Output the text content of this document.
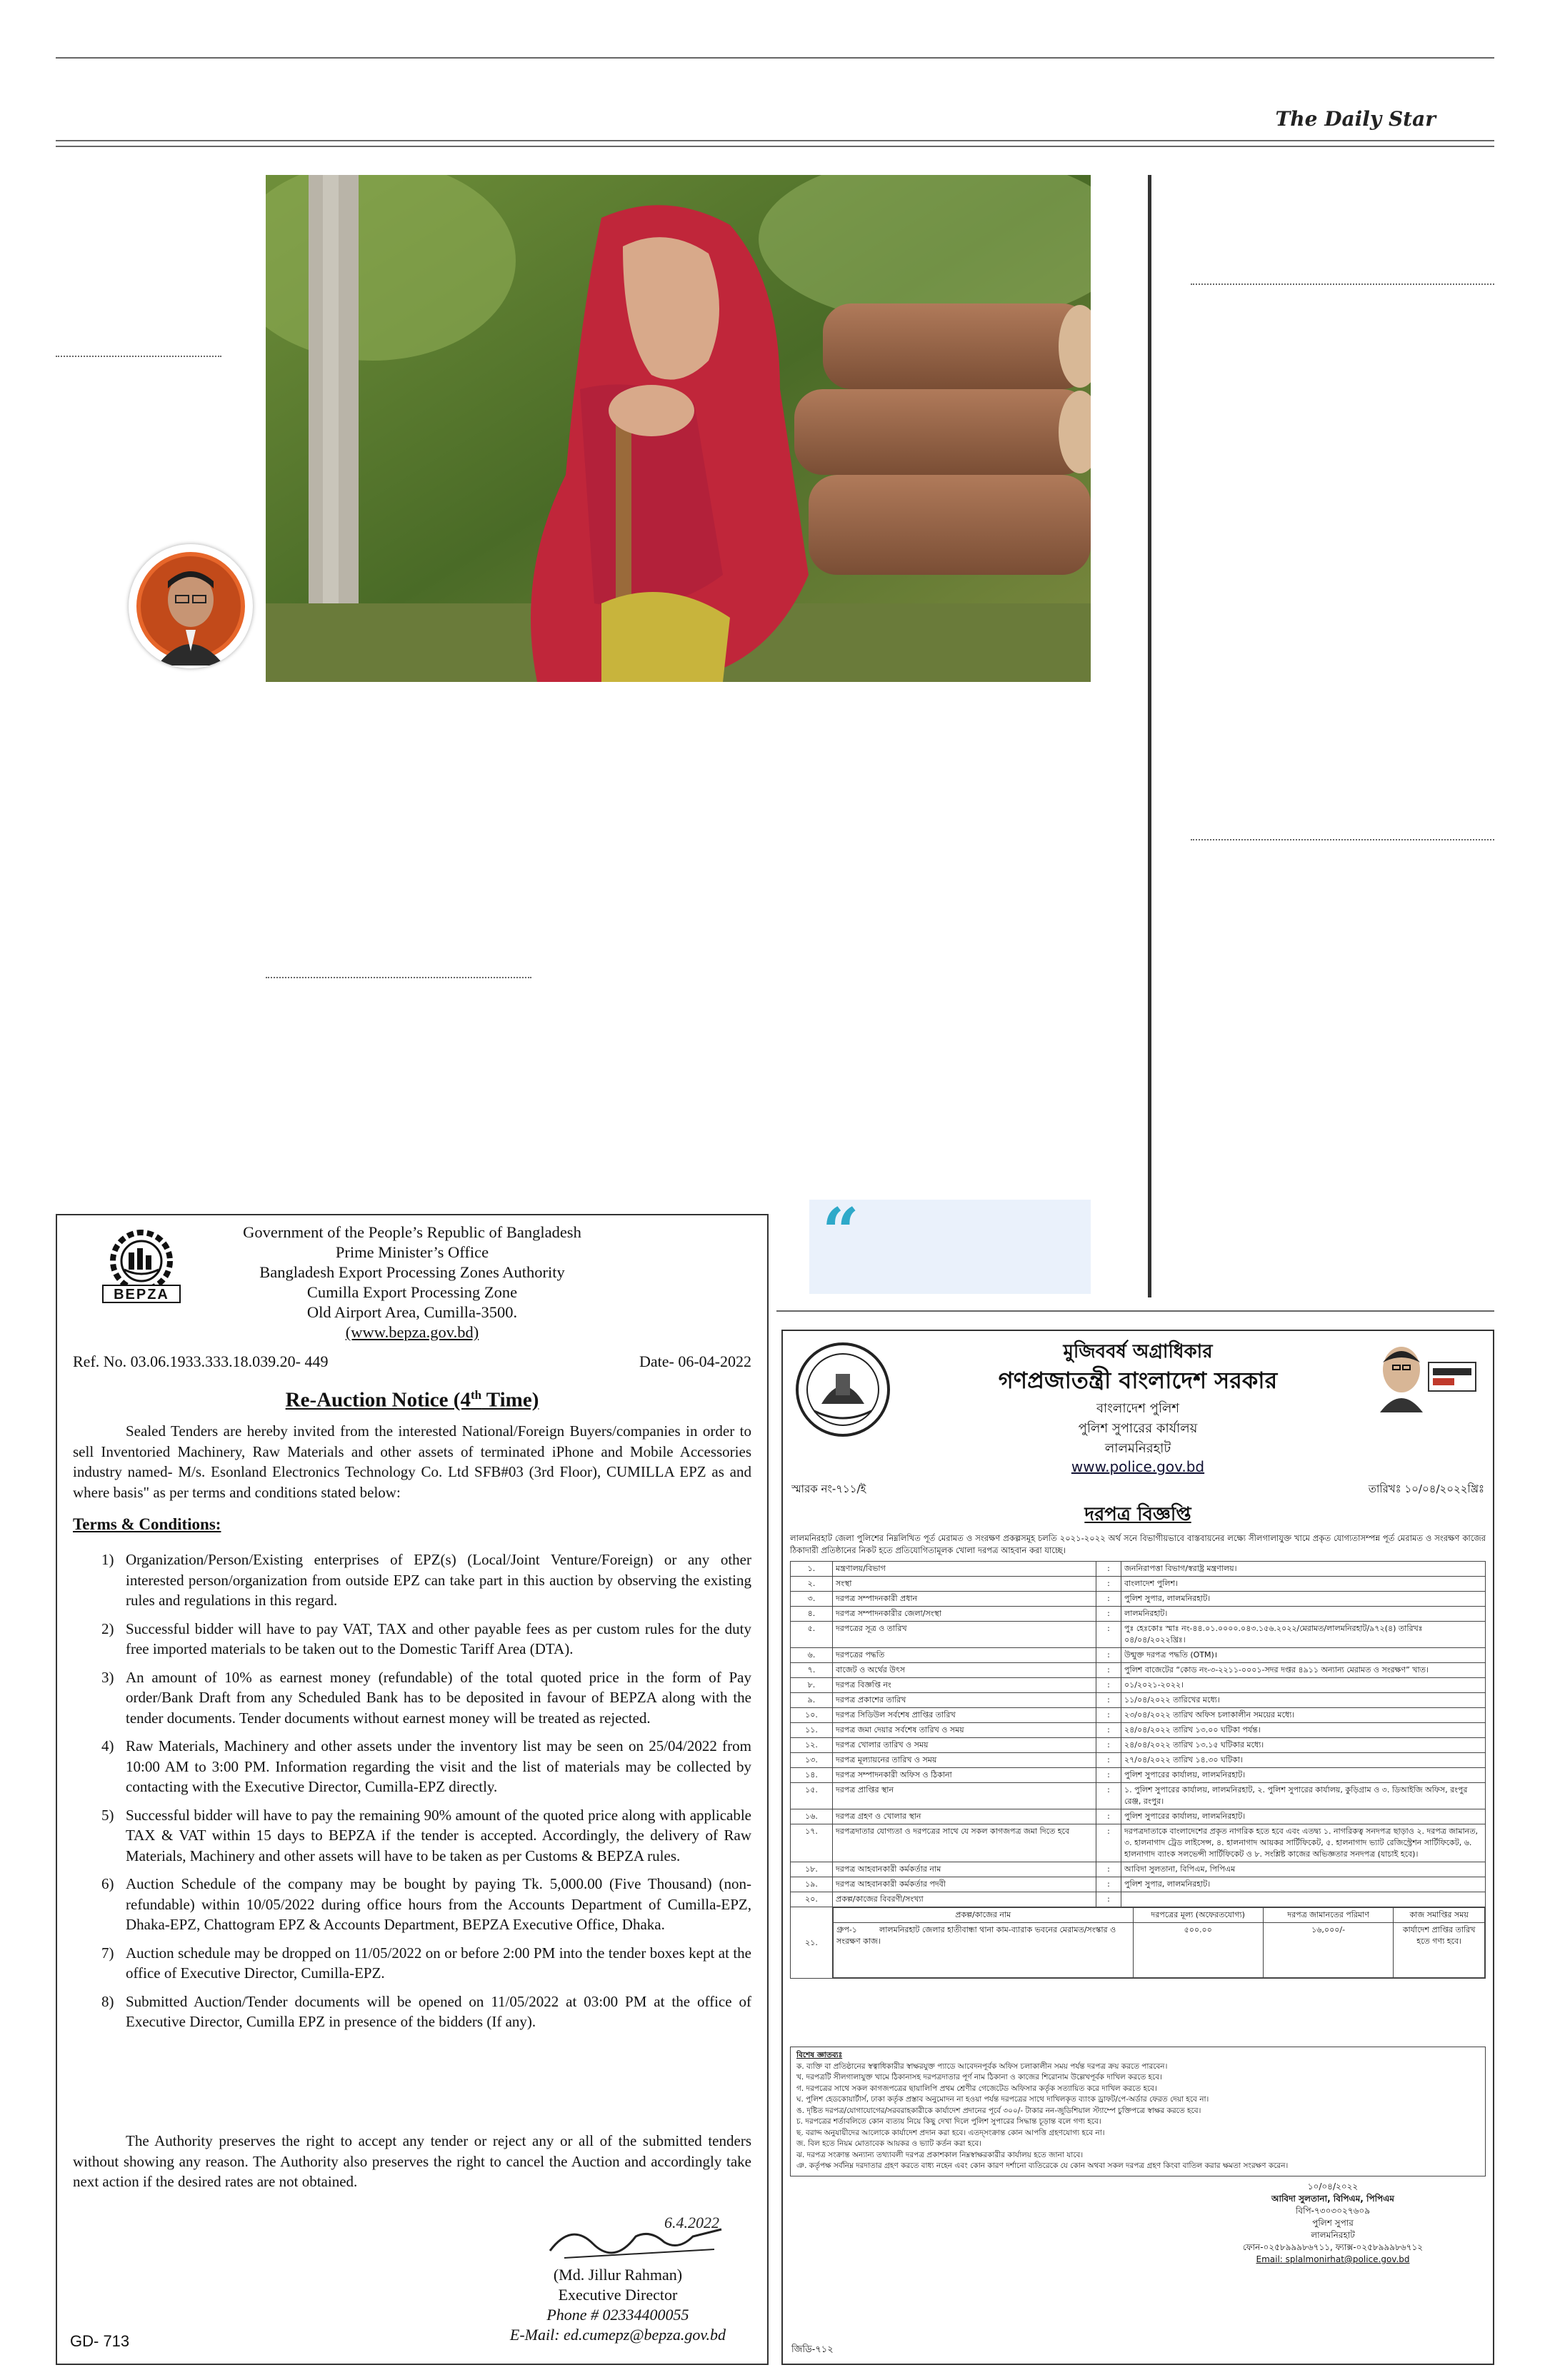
The Daily Star
“
BEPZA
Government of the People’s Republic of Bangladesh
Prime Minister’s Office
Bangladesh Export Processing Zones Authority
Cumilla Export Processing Zone
Old Airport Area, Cumilla-3500.
(www.bepza.gov.bd)
Ref. No. 03.06.1933.333.18.039.20- 449	Date- 06-04-2022
Re-Auction Notice (4th Time)
Sealed Tenders are hereby invited from the interested National/Foreign Buyers/companies in order to sell Inventoried Machinery, Raw Materials and other assets of terminated iPhone and Mobile Accessories industry named- M/s. Esonland Electronics Technology Co. Ltd SFB#03 (3rd Floor), CUMILLA EPZ as and where basis" as per terms and conditions stated below:
Terms & Conditions:
1) Organization/Person/Existing enterprises of EPZ(s) (Local/Joint Venture/Foreign) or any other interested person/organization from outside EPZ can take part in this auction by observing the existing rules and regulations in this regard.
2) Successful bidder will have to pay VAT, TAX and other payable fees as per custom rules for the duty free imported materials to be taken out to the Domestic Tariff Area (DTA).
3) An amount of 10% as earnest money (refundable) of the total quoted price in the form of Pay order/Bank Draft from any Scheduled Bank has to be deposited in favour of BEPZA along with the tender documents. Tender documents without earnest money will be treated as rejected.
4) Raw Materials, Machinery and other assets under the inventory list may be seen on 25/04/2022 from 10:00 AM to 3:00 PM. Information regarding the visit and the list of materials may be collected by contacting with the Executive Director, Cumilla-EPZ directly.
5) Successful bidder will have to pay the remaining 90% amount of the quoted price along with applicable TAX & VAT within 15 days to BEPZA if the tender is accepted. Accordingly, the delivery of Raw Materials, Machinery and other assets will have to be taken as per Customs & BEPZA rules.
6) Auction Schedule of the company may be bought by paying Tk. 5,000.00 (Five Thousand) (non-refundable) within 10/05/2022 during office hours from the Accounts Department of Cumilla-EPZ, Dhaka-EPZ, Chattogram EPZ & Accounts Department, BEPZA Executive Office, Dhaka.
7) Auction schedule may be dropped on 11/05/2022 on or before 2:00 PM into the tender boxes kept at the office of Executive Director, Cumilla-EPZ.
8) Submitted Auction/Tender documents will be opened on 11/05/2022 at 03:00 PM at the office of Executive Director, Cumilla EPZ in presence of the bidders (If any).
The Authority preserves the right to accept any tender or reject any or all of the submitted tenders without showing any reason. The Authority also preserves the right to cancel the Auction and accordingly take next action if the desired rates are not obtained.
6.4.2022
(Md. Jillur Rahman)
Executive Director
Phone # 02334400055
E-Mail: ed.cumepz@bepza.gov.bd
GD- 713
মুজিববর্ষ অগ্রাধিকার
গণপ্রজাতন্ত্রী বাংলাদেশ সরকার
বাংলাদেশ পুলিশ
পুলিশ সুপারের কার্যালয়
লালমনিরহাট
www.police.gov.bd
স্মারক নং-৭১১/ই	তারিখঃ ১০/০৪/২০২২খ্রিঃ
দরপত্র বিজ্ঞপ্তি
লালমনিরহাট জেলা পুলিশের নিম্নলিখিত পূর্ত মেরামত ও সংরক্ষণ প্রকল্পসমূহ চলতি ২০২১-২০২২ অর্থ সনে বিভাগীয়ভাবে বাস্তবায়নের লক্ষ্যে সীলগালাযুক্ত খামে প্রকৃত যোগ্যতাসম্পন্ন পূর্ত মেরামত ও সংরক্ষণ কাজের ঠিকাদারী প্রতিষ্ঠানের নিকট হতে প্রতিযোগিতামূলক খোলা দরপত্র আহবান করা যাচ্ছে।
১.	মন্ত্রণালয়/বিভাগ	:	জননিরাপত্তা বিভাগ/স্বরাষ্ট্র মন্ত্রণালয়।
২.	সংস্থা	:	বাংলাদেশ পুলিশ।
৩.	দরপত্র সম্পাদনকারী প্রধান	:	পুলিশ সুপার, লালমনিরহাট।
৪.	দরপত্র সম্পাদনকারীর জেলা/সংস্থা	:	লালমনিরহাট।
৫.	দরপত্রের সূত্র ও তারিখ	:	পুঃ হেঃকোঃ স্মাঃ নং-৪৪.০১.০০০০.০৪৩.১৫৬.২০২২/মেরামত/লালমনিরহাট/৯৭২(৪) তারিখঃ ০৪/০৪/২০২২খ্রিঃ।
৬.	দরপত্রের পদ্ধতি	:	উন্মুক্ত দরপত্র পদ্ধতি (OTM)।
৭.	বাজেট ও অর্থের উৎস	:	পুলিশ বাজেটের “কোড নং-৩-২২১১-০০০১-সদর দপ্তর ৪৯১১ অন্যান্য মেরামত ও সংরক্ষণ” খাত।
৮.	দরপত্র বিজ্ঞপ্তি নং	:	০১/২০২১-২০২২।
৯.	দরপত্র প্রকাশের তারিখ	:	১১/০৪/২০২২ তারিখের মধ্যে।
১০.	দরপত্র সিডিউল সর্বশেষ প্রাপ্তির তারিখ	:	২৩/০৪/২০২২ তারিখ অফিস চলাকালীন সময়ের মধ্যে।
১১.	দরপত্র জমা দেয়ার সর্বশেষ তারিখ ও সময়	:	২৪/০৪/২০২২ তারিখ ১৩.০০ ঘটিকা পর্যন্ত।
১২.	দরপত্র খোলার তারিখ ও সময়	:	২৪/০৪/২০২২ তারিখ ১৩.১৫ ঘটিকার মধ্যে।
১৩.	দরপত্র মূল্যায়নের তারিখ ও সময়	:	২৭/০৪/২০২২ তারিখ ১৪.৩০ ঘটিকা।
১৪.	দরপত্র সম্পাদনকারী অফিস ও ঠিকানা	:	পুলিশ সুপারের কার্যালয়, লালমনিরহাট।
১৫.	দরপত্র প্রাপ্তির স্থান	:	১. পুলিশ সুপারের কার্যালয়, লালমনিরহাট, ২. পুলিশ সুপারের কার্যালয়, কুড়িগ্রাম ও ৩. ডিআইজি অফিস, রংপুর রেঞ্জ, রংপুর।
১৬.	দরপত্র গ্রহণ ও খোলার স্থান	:	পুলিশ সুপারের কার্যালয়, লালমনিরহাট।
১৭.	দরপত্রদাতার যোগ্যতা ও দরপত্রের সাথে যে সকল কাগজপত্র জমা দিতে হবে	:	দরপত্রদাতাকে বাংলাদেশের প্রকৃত নাগরিক হতে হবে এবং এতদ্ব্য ১. নাগরিকত্ব সনদপত্র ছাড়াও ২. দরপত্র জামানত, ৩. হালনাগাদ ট্রেড লাইসেন্স, ৪. হালনাগাদ আয়কর সার্টিফিকেট, ৫. হালনাগাদ ভ্যাট রেজিস্ট্রেশন সার্টিফিকেট, ৬. হালনাগাদ ব্যাংক সলভেন্সী সার্টিফিকেট ও ৮. সংশ্লিষ্ট কাজের অভিজ্ঞতার সনদপত্র (যাচাই হবে)।
১৮.	দরপত্র আহবানকারী কর্মকর্তার নাম	:	আবিদা সুলতানা, বিপিএম, পিপিএম
১৯.	দরপত্র আহবানকারী কর্মকর্তার পদবী	:	পুলিশ সুপার, লালমনিরহাট।
২০.	প্রকল্প/কাজের বিবরণী/সংখ্যা	:	
২১.	
প্রকল্প/কাজের নাম	দরপত্রের মূল্য (অফেরতযোগ্য)	দরপত্র জামানতের পরিমাণ	কাজ সমাপ্তির সময়
গ্রুপ-১	লালমনিরহাট জেলার হাতীবান্ধা থানা কাম-ব্যারাক ভবনের মেরামত/সংস্কার ও সংরক্ষণ কাজ।	৫০০.০০	১৬,০০০/-	কার্যাদেশ প্রাপ্তির তারিখ হতে গণ্য হবে।
বিশেষ জ্ঞাতব্যঃ
ক. ব্যক্তি বা প্রতিষ্ঠানের স্বত্বাধিকারীর স্বাক্ষরযুক্ত প্যাডে আবেদনপূর্বক অফিস চলাকালীন সময় পর্যন্ত দরপত্র ক্রয় করতে পারবেন।
খ. দরপত্রটি সীলগালাযুক্ত খামে ঠিকানাসহ দরপত্রদাতার পূর্ণ নাম ঠিকানা ও কাজের শিরোনাম উল্লেখপূর্বক দাখিল করতে হবে।
গ. দরপত্রের সাথে সকল কাগজপত্রের ছায়ালিপি প্রথম শ্রেণীর গেজেটেড অফিসার কর্তৃক সত্যায়িত করে দাখিল করতে হবে।
ঘ. পুলিশ হেডকোয়ার্টার্স, ঢাকা কর্তৃক প্রস্তাব অনুমোদন না হওয়া পর্যন্ত দরপত্রের সাথে দাখিলকৃত ব্যাংক ড্রাফট/পে-অর্ডার ফেরত দেয়া হবে না।
ঙ. দৃষ্টিত দরপত্র/যোগাযোগের/সরবরাহকারীকে কার্যাদেশ প্রদানের পূর্বে ৩০০/- টাকার নন-জুডিশিয়াল স্ট্যাম্পে চুক্তিপত্রে স্বাক্ষর করতে হবে।
চ. দরপত্রের শর্তাবলিতে কোন ব্যত্যয় নিয়ে কিছু দেখা দিলে পুলিশ সুপারের সিদ্ধান্ত চূড়ান্ত বলে গণ্য হবে।
ছ. বরাদ্দ অনুযায়ীদের আলোকে কার্যাদেশ প্রদান করা হবে। এতদ্সংক্রান্ত কোন আপত্তি গ্রহণযোগ্য হবে না।
জ. বিল হতে নিয়ম মোতাবেক আয়কর ও ভ্যাট কর্তন করা হবে।
ঝ. দরপত্র সংক্রান্ত অন্যান্য তথ্যাবলী দরপত্র প্রকাশকাল নিম্নস্বাক্ষরকারীর কার্যালয় হতে জানা যাবে।
ঞ. কর্তৃপক্ষ সর্বনিম্ন দরদাতার গ্রহণ করতে বাধ্য নহেন এবং কোন কারণ দর্শানো ব্যতিরেকে যে কোন অথবা সকল দরপত্র গ্রহণ কিংবা বাতিল করার ক্ষমতা সংরক্ষণ করেন।
১০/০৪/২০২২
আবিদা সুলতানা, বিপিএম, পিপিএম
বিপি-৭৩০৩০২৭৬০৯
পুলিশ সুপার
লালমনিরহাট
ফোন-০২৫৮৯৯৯৮৬৭১১, ফ্যাক্স-০২৫৮৯৯৯৮৬৭১২
Email: splalmonirhat@police.gov.bd
জিডি-৭১২
